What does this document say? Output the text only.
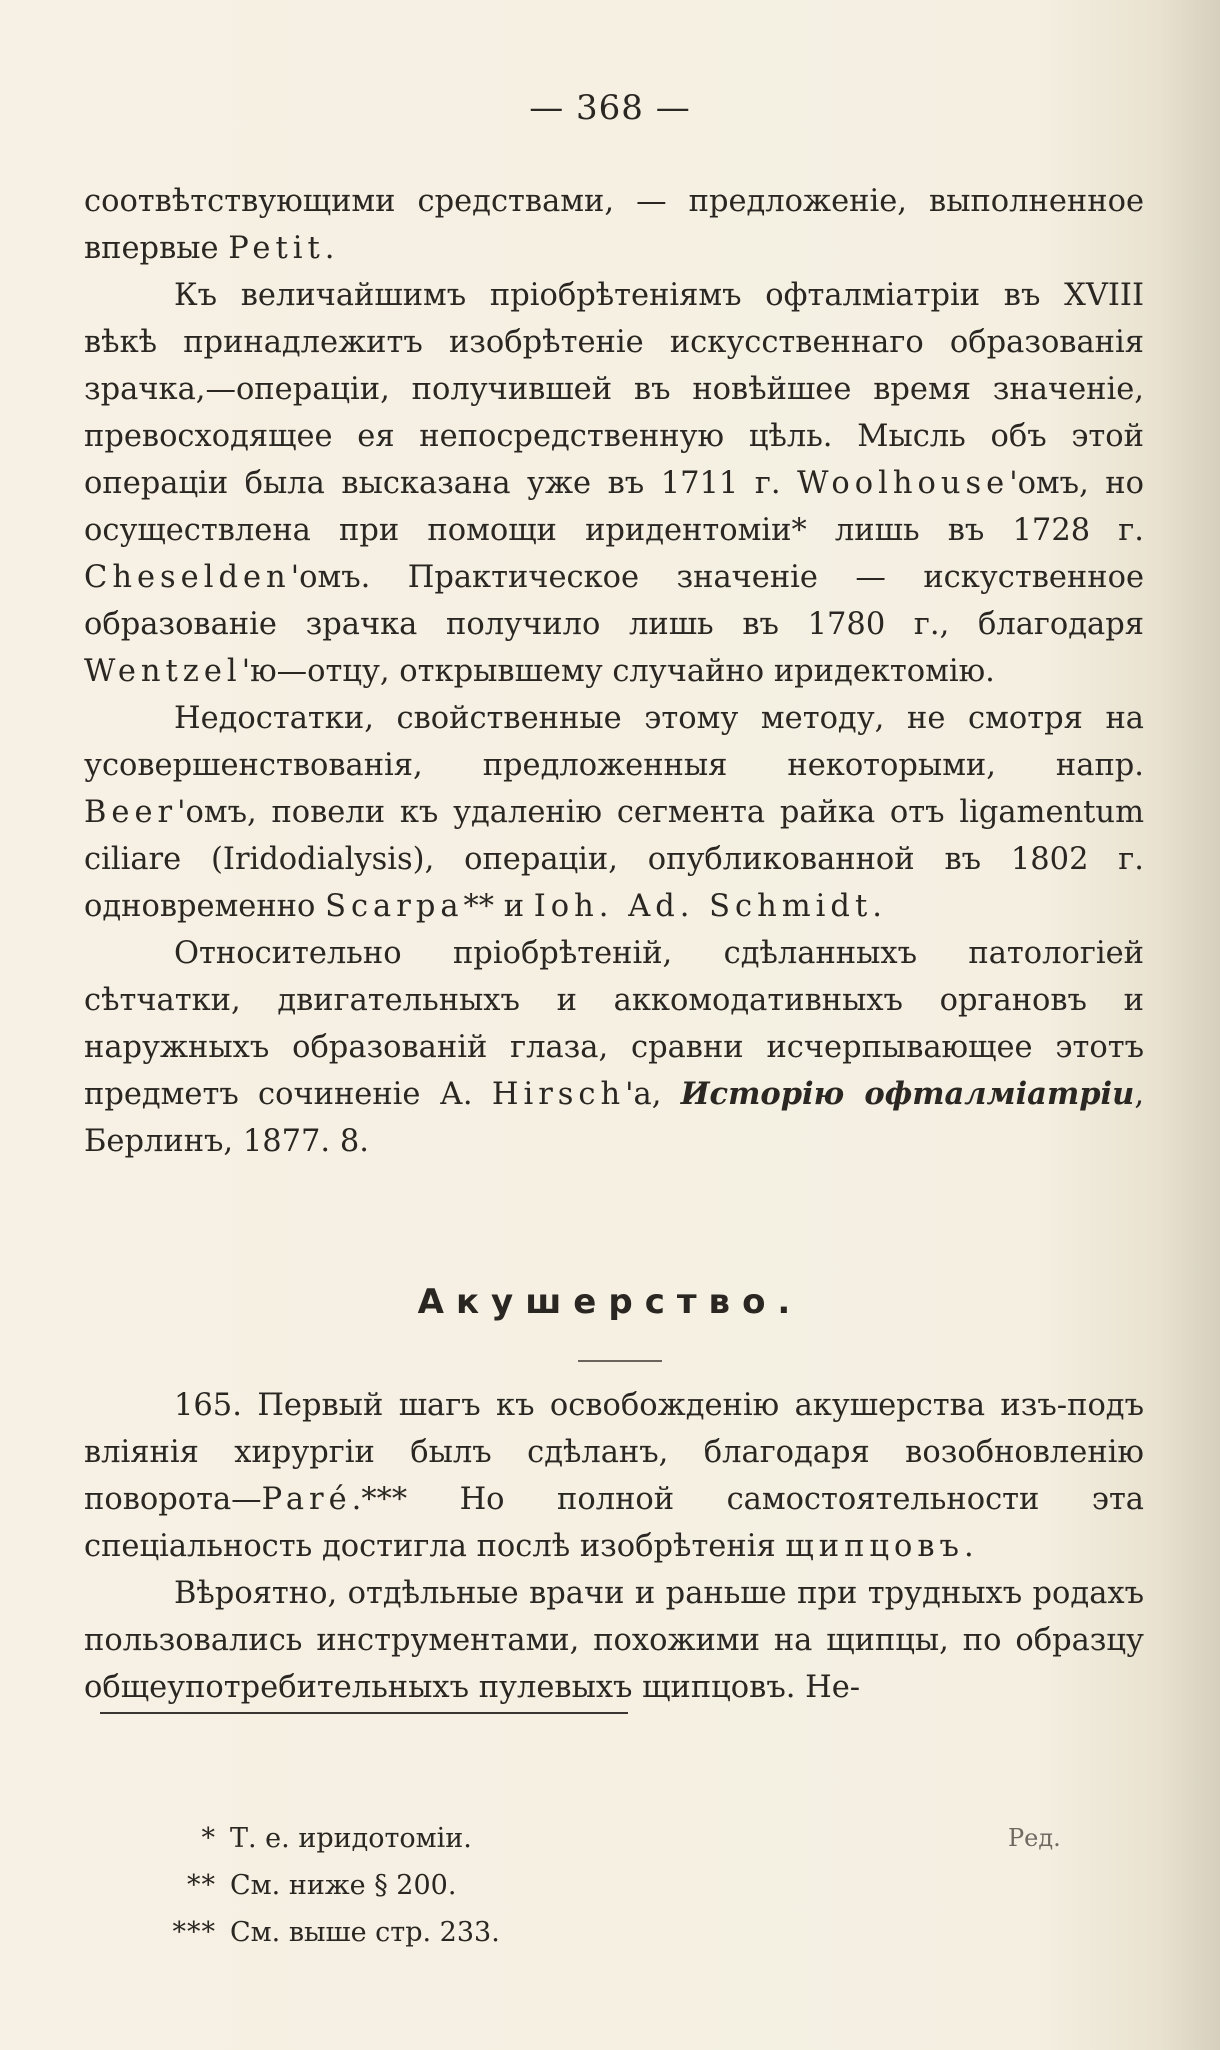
— 368 —

соотвѣтствующими средствами, — предложеніе, выполненное впервые Petit.

Къ величайшимъ пріобрѣтеніямъ офталміатріи въ XVIII вѣкѣ принадлежитъ изобрѣтеніе искусственнаго образованія зрачка,—операціи, получившей въ новѣйшее время значеніе, превосходящее ея непосредственную цѣль. Мысль объ этой операціи была высказана уже въ 1711 г. Woolhouse'омъ, но осуществлена при помощи иридентоміи* лишь въ 1728 г. Cheselden'омъ. Практическое значеніе — искуственное образованіе зрачка получило лишь въ 1780 г., благодаря Wentzel'ю—отцу, открывшему случайно иридектомію.

Недостатки, свойственные этому методу, не смотря на усовершенствованія, предложенныя некоторыми, напр. Beer'омъ, повели къ удаленію сегмента райка отъ ligamentum ciliare (Iridodialysis), операціи, опубликованной въ 1802 г. одновременно Scarpa** и Ioh. Ad. Schmidt.

Относительно пріобрѣтеній, сдѣланныхъ патологіей сѣтчатки, двигательныхъ и аккомодативныхъ органовъ и наружныхъ образованій глаза, сравни исчерпывающее этотъ предметъ сочиненіе А. Hirsch'а, Исторію офталміатріи, Берлинъ, 1877. 8.

Акушерство.

165. Первый шагъ къ освобожденію акушерства изъ-подъ вліянія хирургіи былъ сдѣланъ, благодаря возобновленію поворота—Paré.*** Но полной самостоятельности эта спеціальность достигла послѣ изобрѣтенія щипцовъ.

Вѣроятно, отдѣльные врачи и раньше при трудныхъ родахъ пользовались инструментами, похожими на щипцы, по образцу общеупотребительныхъ пулевыхъ щипцовъ. Не-

* Т. е. иридотоміи.	Ред.
** См. ниже § 200.
*** См. выше стр. 233.
